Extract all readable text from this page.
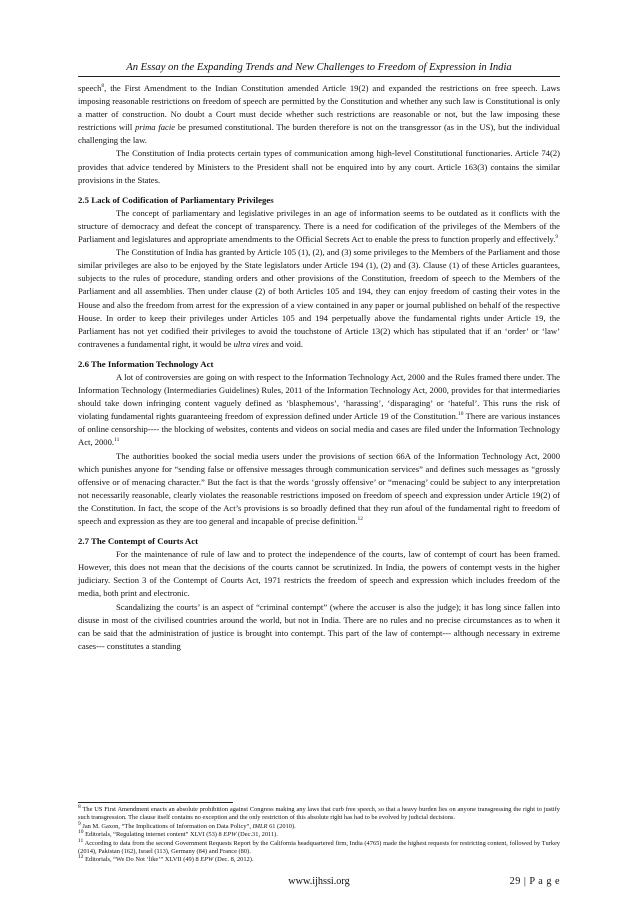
An Essay on the Expanding Trends and New Challenges to Freedom of Expression in India

speech$^8$, the First Amendment to the Indian Constitution amended Article 19(2) and expanded the restrictions on free speech. Laws imposing reasonable restrictions on freedom of speech are permitted by the Constitution and whether any such law is Constitutional is only a matter of construction. No doubt a Court must decide whether such restrictions are reasonable or not, but the law imposing these restrictions will prima facie be presumed constitutional. The burden therefore is not on the transgressor (as in the US), but the individual challenging the law.

The Constitution of India protects certain types of communication among high-level Constitutional functionaries. Article 74(2) provides that advice tendered by Ministers to the President shall not be enquired into by any court. Article 163(3) contains the similar provisions in the States.

2.5 Lack of Codification of Parliamentary Privileges

The concept of parliamentary and legislative privileges in an age of information seems to be outdated as it conflicts with the structure of democracy and defeat the concept of transparency. There is a need for codification of the privileges of the Members of the Parliament and legislatures and appropriate amendments to the Official Secrets Act to enable the press to function properly and effectively.$^9$

The Constitution of India has granted by Article 105 (1), (2), and (3) some privileges to the Members of the Parliament and those similar privileges are also to be enjoyed by the State legislators under Article 194 (1), (2) and (3). Clause (1) of these Articles guarantees, subjects to the rules of procedure, standing orders and other provisions of the Constitution, freedom of speech to the Members of the Parliament and all assemblies. Then under clause (2) of both Articles 105 and 194, they can enjoy freedom of casting their votes in the House and also the freedom from arrest for the expression of a view contained in any paper or journal published on behalf of the respective House. In order to keep their privileges under Articles 105 and 194 perpetually above the fundamental rights under Article 19, the Parliament has not yet codified their privileges to avoid the touchstone of Article 13(2) which has stipulated that if an ‘order’ or ‘law’ contravenes a fundamental right, it would be ultra vires and void.

2.6 The Information Technology Act

A lot of controversies are going on with respect to the Information Technology Act, 2000 and the Rules framed there under. The Information Technology (Intermediaries Guidelines) Rules, 2011 of the Information Technology Act, 2000, provides for that intermediaries should take down infringing content vaguely defined as ‘blasphemous’, ‘harassing’, ‘disparaging’ or ‘hateful’. This runs the risk of violating fundamental rights guaranteeing freedom of expression defined under Article 19 of the Constitution.$^{10}$ There are various instances of online censorship---- the blocking of websites, contents and videos on social media and cases are filed under the Information Technology Act, 2000.11

The authorities booked the social media users under the provisions of section 66A of the Information Technology Act, 2000 which punishes anyone for “sending false or offensive messages through communication services” and defines such messages as “grossly offensive or of menacing character.” But the fact is that the words ‘grossly offensive’ or “menacing’ could be subject to any interpretation not necessarily reasonable, clearly violates the reasonable restrictions imposed on freedom of speech and expression under Article 19(2) of the Constitution. In fact, the scope of the Act’s provisions is so broadly defined that they run afoul of the fundamental right to freedom of speech and expression as they are too general and incapable of precise definition.$^{12}$

2.7 The Contempt of Courts Act

For the maintenance of rule of law and to protect the independence of the courts, law of contempt of court has been framed. However, this does not mean that the decisions of the courts cannot be scrutinized. In India, the powers of contempt vests in the higher judiciary. Section 3 of the Contempt of Courts Act, 1971 restricts the freedom of speech and expression which includes freedom of the media, both print and electronic.

Scandalizing the courts’ is an aspect of “criminal contempt” (where the accuser is also the judge); it has long since fallen into disuse in most of the civilised countries around the world, but not in India. There are no rules and no precise circumstances as to when it can be said that the administration of justice is brought into contempt. This part of the law of contempt--- although necessary in extreme cases--- constitutes a standing

$^8$ The US First Amendment enacts an absolute prohibition against Congress making any laws that curb free speech, so that a heavy burden lies on anyone transgressing the right to justify such transgression. The clause itself contains no exception and the only restriction of this absolute right has had to be evolved by judicial decisions.

$^9$ Jan M. Gaxon, “The Implications of Information on Data Policy”, IMLR 61 (2010).

$^{10}$ Editorials, “Regulating internet content” XLVI (53) 8 EPW (Dec.31, 2011).

$^{11}$ According to data from the second Government Requests Report by the California headquartered firm, India (4765) made the highest requests for restricting content, followed by Turkey (2014), Pakistan (162), Israel (113), Germany (84) and France (80).

$^{12}$ Editorials, “We Do Not ‘like’” XLVII (49) 8 EPW (Dec. 8, 2012).

www.ijhssi.org	29 | P a g e
